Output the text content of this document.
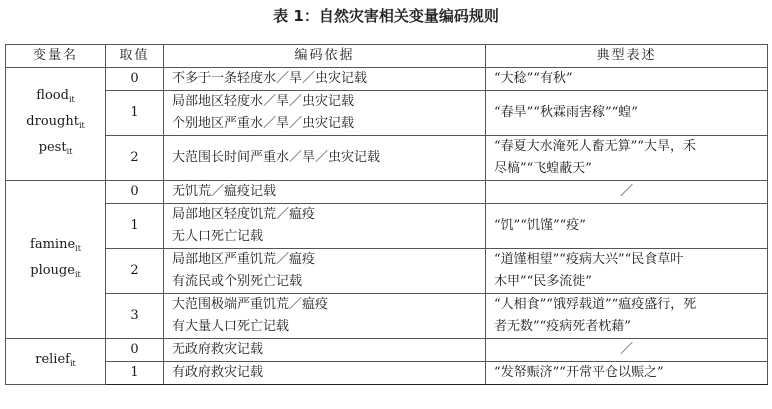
表 1：自然灾害相关变量编码规则
变量名	取值	编码依据	典型表述

flood$_{it}$
drought$_{it}$
pest$_{it}$	0	不多于一条轻度水／旱／虫灾记载	“大稔”“有秋”
	1	局部地区轻度水／旱／虫灾记载
个别地区严重水／旱／虫灾记载	“春旱”“秋霖雨害稼”“蝗”
	2	大范围长时间严重水／旱／虫灾记载	“春夏大水淹死人畜无算”“大旱，禾
尽槁”“飞蝗蔽天”

famine$_{it}$
plouge$_{it}$	0	无饥荒／瘟疫记载	／
	1	局部地区轻度饥荒／瘟疫
无人口死亡记载	“饥”“饥馑”“疫”
	2	局部地区严重饥荒／瘟疫
有流民或个别死亡记载	“道馑相望”“疫病大兴”“民食草叶
木甲”“民多流徙”
	3	大范围极端严重饥荒／瘟疫
有大量人口死亡记载	“人相食”“饿殍载道”“瘟疫盛行，死
者无数”“疫病死者枕藉”

relief$_{it}$	0	无政府救灾记载	／
	1	有政府救灾记载	“发帑赈济”“开常平仓以赈之”
